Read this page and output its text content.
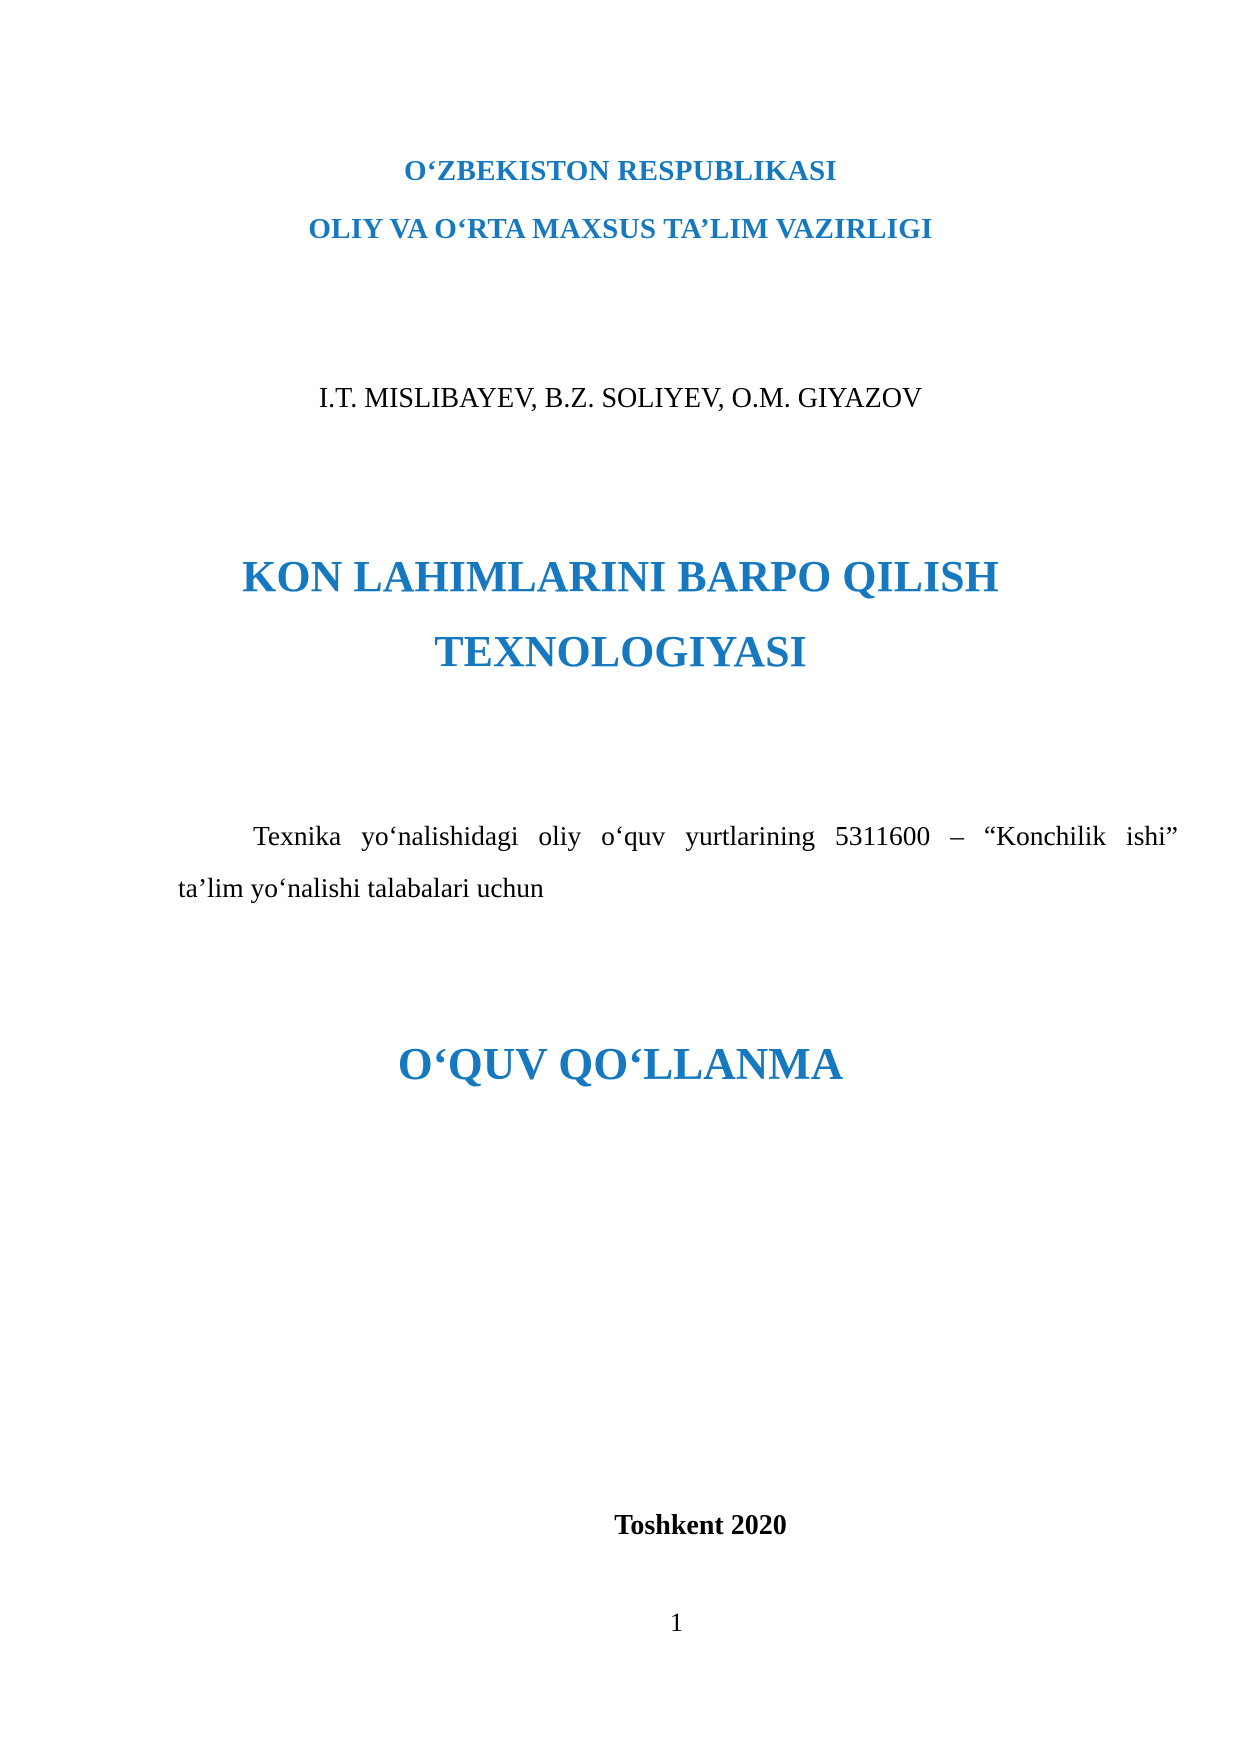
O‘ZBEKISTON RESPUBLIKASI

OLIY VA O‘RTA MAXSUS TA’LIM VAZIRLIGI

I.T. MISLIBAYEV, B.Z. SOLIYEV, O.M. GIYAZOV

KON LAHIMLARINI BARPO QILISH

TEXNOLOGIYASI

Texnika yo‘nalishidagi oliy o‘quv yurtlarining 5311600 – “Konchilik ishi”
ta’lim yo‘nalishi talabalari uchun

O‘QUV QO‘LLANMA

Toshkent 2020

1
